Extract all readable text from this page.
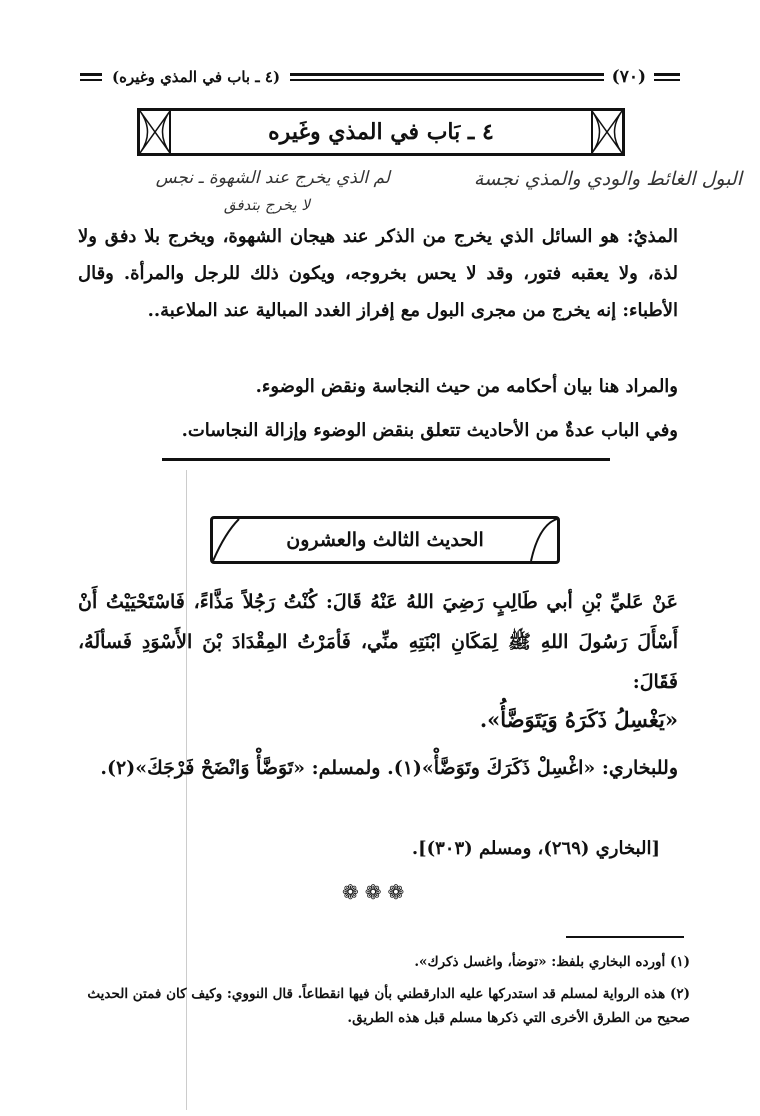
(٧٠)
(٤ ـ باب في المذي وغيره)
٤ ـ بَاب في المذي وغَيره
البول الغائط والودي والمذي نجسة
لم الذي يخرج عند الشهوة ـ نجس
لا يخرج بتدفق
المذيُ: هو السائل الذي يخرج من الذكر عند هيجان الشهوة، ويخرج بلا دفق ولا لذة، ولا يعقبه فتور، وقد لا يحس بخروجه، ويكون ذلك للرجل والمرأة. وقال الأطباء: إنه يخرج من مجرى البول مع إفراز الغدد المبالية عند الملاعبة..
والمراد هنا بيان أحكامه من حيث النجاسة ونقض الوضوء.
وفي الباب عدةٌ من الأحاديث تتعلق بنقض الوضوء وإزالة النجاسات.
الحديث الثالث والعشرون
عَنْ عَليِّ بْنِ أبي طَالِبٍ رَضِيَ اللهُ عَنْهُ قَالَ: كُنْتُ رَجُلاً مَذَّاءً، فَاسْتَحْيَيْتُ أَنْ أَسْأَلَ رَسُولَ اللهِ ﷺ لِمَكَانِ ابْنَتِهِ منِّي، فَأمَرْتُ المِقْدَادَ بْنَ الأَسْوَدِ فَسألَهُ، فَقَالَ:
«يَغْسِلُ ذَكَرَهُ وَيَتَوَضَّأُ».
وللبخاري: «اغْسِلْ ذَكَرَكَ وتَوَضَّأْ»(١). ولمسلم: «تَوَضَّأْ وَانْضَحْ فَرْجَكَ»(٢).
[البخاري (٢٦٩)، ومسلم (٣٠٣)].
❁❁❁
(١) أورده البخاري بلفظ: «توضأ، واغسل ذكرك».
(٢) هذه الرواية لمسلم قد استدركها عليه الدارقطني بأن فيها انقطاعاً. قال النووي: وكيف كان فمتن الحديث صحيح من الطرق الأخرى التي ذكرها مسلم قبل هذه الطريق.
